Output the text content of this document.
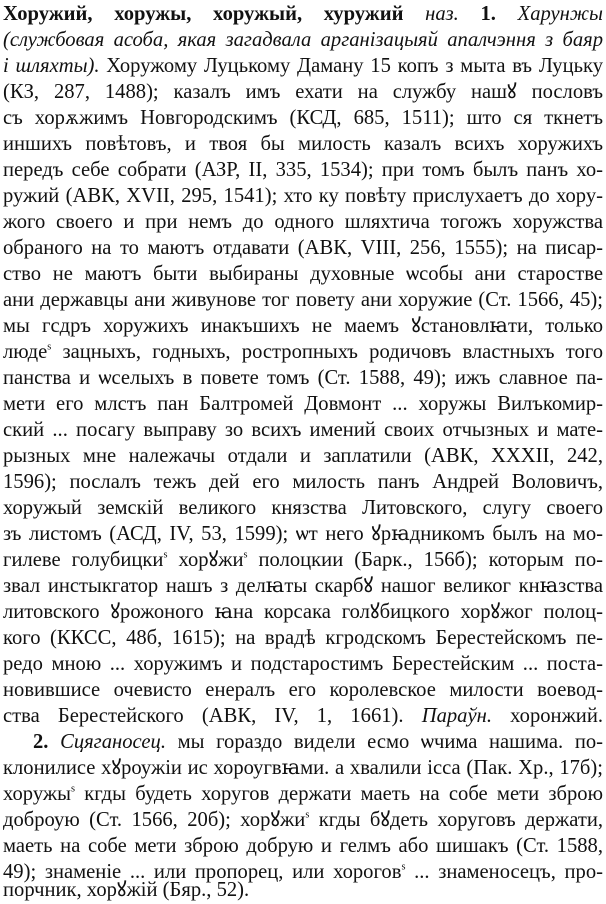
Хоружий, хоружы, хоружый, хуружий наз. 1. Харунжы
(службовая асоба, якая загадвала арганізацыяй апалчэння з баяр
і шляхты). Хоружому Луцькому Даману 15 копъ з мыта въ Луцьку
(КЗ, 287, 1488); казалъ имъ ехати на службу нашꙋ пословъ
съ хорѫжимъ Новгородскимъ (КСД, 685, 1511); што ся ткнетъ
иншихъ повѣтовъ, и твоя бы милость казалъ всихъ хоружихъ
передъ себе собрати (АЗР, II, 335, 1534); при томъ былъ панъ хо-
ружий (АВК, XVII, 295, 1541); хто ку повѣту прислухаетъ до хору-
жого своего и при немъ до одного шляхтича тогожъ хоружства
обраного на то маютъ отдавати (АВК, VIII, 256, 1555); на писар-
ство не маютъ быти выбираны духовные ѡсобы ани старостве
ани державцы ани живунове тог повету ани хоружие (Ст. 1566, 45);
мы гсдръ хоружихъ инакъшихъ не маемъ ꙋстановлꙗти, только
люде$^s$ зацныхъ, годныхъ, ростропныхъ родичовъ властныхъ того
панства и ѡселыхъ в повете томъ (Ст. 1588, 49); ижъ славное па-
мети его млстъ пан Балтромей Довмонт ... хоружы Вилъкомир-
ский ... посагу выправу зо всихъ имений своих отчызных и мате-
рызных мне належачы отдали и заплатили (АВК, XXXII, 242,
1596); послалъ тежъ дей его милость панъ Андрей Воловичъ,
хоружый земскій великого князства Литовского, слугу своего
зъ листомъ (АСД, IV, 53, 1599); ѡт него ꙋрꙗдникомъ былъ на мо-
гилеве голубицки$^s$ хорꙋжи$^s$ полоцкии (Барк., 156б); которым по-
звал инстыкгатор нашъ з делꙗты скарбꙋ нашог великог кнꙗзства
литовского ꙋрожоного ꙗна корсака голꙋбицкого хорꙋжог полоц-
кого (ККСС, 48б, 1615); на врадѣ кгродскомъ Берестейскомъ пе-
редо мною ... хоружимъ и подстаростимъ Берестейским ... поста-
новившисе очевисто енералъ его королевское милости воевод-
ства Берестейского (АВК, IV, 1, 1661). Параўн. хоронжий.
2. Сцяганосец. мы гораздо видели есмо ѡчима нашима. по-
клонилисе хꙋроужіи ис хороугвꙗми. а хвалили ісса (Пак. Хр., 17б);
хоружы$^s$ кгды будеть хоругов держати маеть на собе мети зброю
доброую (Ст. 1566, 20б); хорꙋжи$^s$ кгды бꙋдеть хоруговъ держати,
маеть на собе мети зброю добрую и гелмъ або шишакъ (Ст. 1588,
49); знаменіе ... или пропорец, или хорогов$^s$ ... знаменосецъ, про-
порчник, хорꙋжій (Бяр., 52).
